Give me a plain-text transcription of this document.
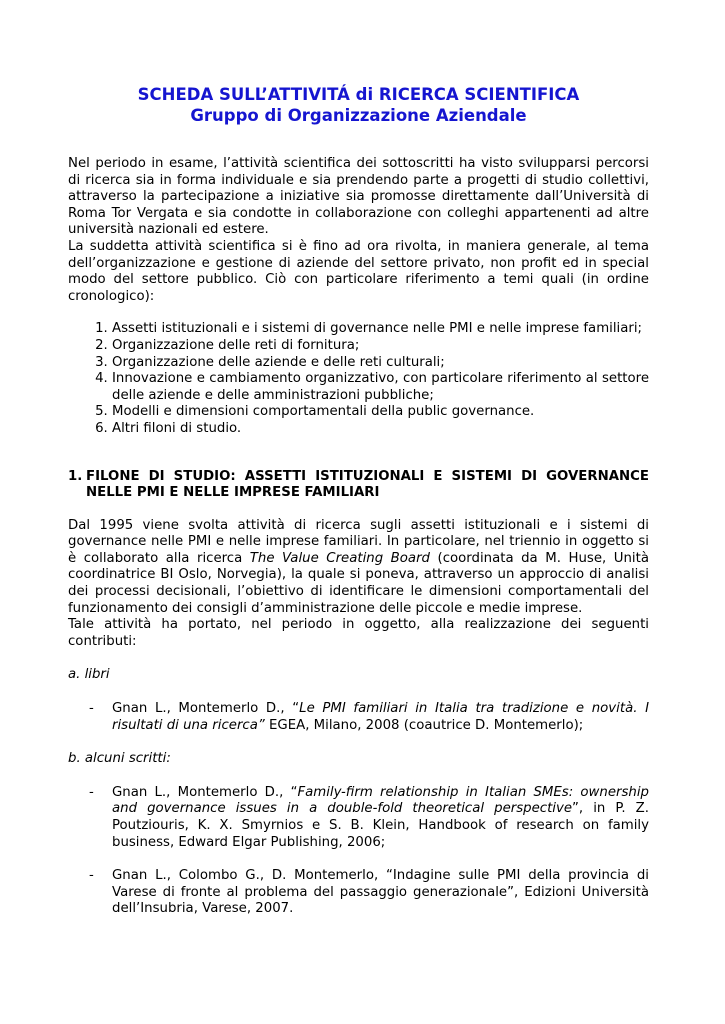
SCHEDA SULL’ATTIVITÁ di RICERCA SCIENTIFICA
Gruppo di Organizzazione Aziendale

Nel periodo in esame, l’attività scientifica dei sottoscritti ha visto svilupparsi percorsi di ricerca sia in forma individuale e sia prendendo parte a progetti di studio collettivi, attraverso la partecipazione a iniziative sia promosse direttamente dall’Università di Roma Tor Vergata e sia condotte in collaborazione con colleghi appartenenti ad altre università nazionali ed estere.

La suddetta attività scientifica si è fino ad ora rivolta, in maniera generale, al tema dell’organizzazione e gestione di aziende del settore privato, non profit ed in special modo del settore pubblico. Ciò con particolare riferimento a temi quali (in ordine cronologico):

1. Assetti istituzionali e i sistemi di governance nelle PMI e nelle imprese familiari;
2. Organizzazione delle reti di fornitura;
3. Organizzazione delle aziende e delle reti culturali;
4. Innovazione e cambiamento organizzativo, con particolare riferimento al settore delle aziende e delle amministrazioni pubbliche;
5. Modelli e dimensioni comportamentali della public governance.
6. Altri filoni di studio.
1. FILONE DI STUDIO: ASSETTI ISTITUZIONALI E SISTEMI DI GOVERNANCE NELLE PMI E NELLE IMPRESE FAMILIARI

Dal 1995 viene svolta attività di ricerca sugli assetti istituzionali e i sistemi di governance nelle PMI e nelle imprese familiari. In particolare, nel triennio in oggetto si è collaborato alla ricerca The Value Creating Board (coordinata da M. Huse, Unità coordinatrice BI Oslo, Norvegia), la quale si poneva, attraverso un approccio di analisi dei processi decisionali, l’obiettivo di identificare le dimensioni comportamentali del funzionamento dei consigli d’amministrazione delle piccole e medie imprese.

Tale attività ha portato, nel periodo in oggetto, alla realizzazione dei seguenti contributi:

a. libri
-	Gnan L., Montemerlo D., “Le PMI familiari in Italia tra tradizione e novità. I risultati di una ricerca” EGEA, Milano, 2008 (coautrice D. Montemerlo);
b. alcuni scritti:
-	Gnan L., Montemerlo D., “Family-firm relationship in Italian SMEs: ownership and governance issues in a double-fold theoretical perspective”, in P. Z. Poutziouris, K. X. Smyrnios e S. B. Klein, Handbook of research on family business, Edward Elgar Publishing, 2006;
-	Gnan L., Colombo G., D. Montemerlo, “Indagine sulle PMI della provincia di Varese di fronte al problema del passaggio generazionale”, Edizioni Università dell’Insubria, Varese, 2007.
